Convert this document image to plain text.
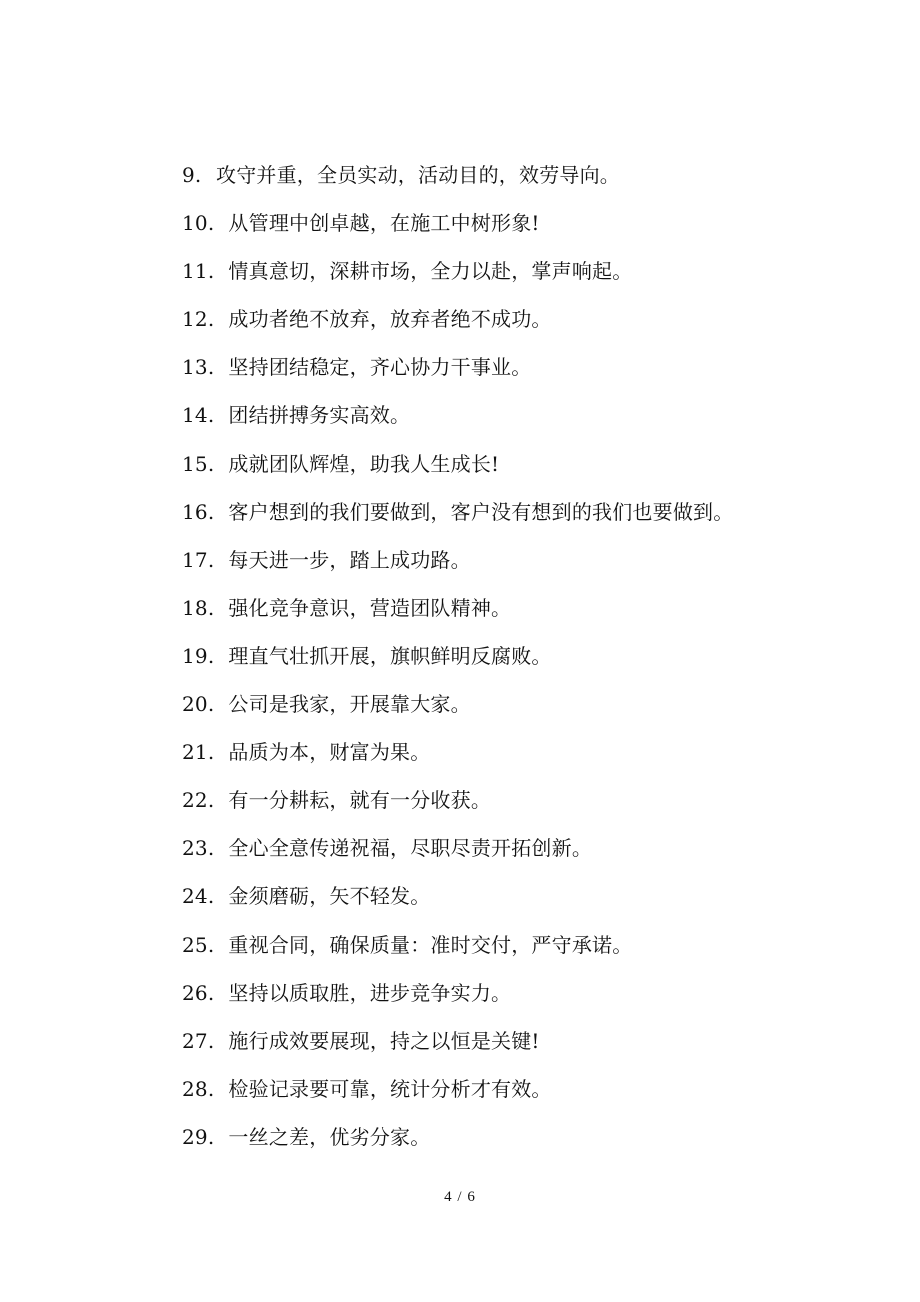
9. 攻守并重，全员实动，活动目的，效劳导向。
10. 从管理中创卓越，在施工中树形象!
11. 情真意切，深耕市场，全力以赴，掌声响起。
12. 成功者绝不放弃，放弃者绝不成功。
13. 坚持团结稳定，齐心协力干事业。
14. 团结拼搏务实高效。
15. 成就团队辉煌，助我人生成长!
16. 客户想到的我们要做到，客户没有想到的我们也要做到。
17. 每天进一步，踏上成功路。
18. 强化竞争意识，营造团队精神。
19. 理直气壮抓开展，旗帜鲜明反腐败。
20. 公司是我家，开展靠大家。
21. 品质为本，财富为果。
22. 有一分耕耘，就有一分收获。
23. 全心全意传递祝福，尽职尽责开拓创新。
24. 金须磨砺，矢不轻发。
25. 重视合同，确保质量：准时交付，严守承诺。
26. 坚持以质取胜，进步竞争实力。
27. 施行成效要展现，持之以恒是关键!
28. 检验记录要可靠，统计分析才有效。
29. 一丝之差，优劣分家。
4 / 6
